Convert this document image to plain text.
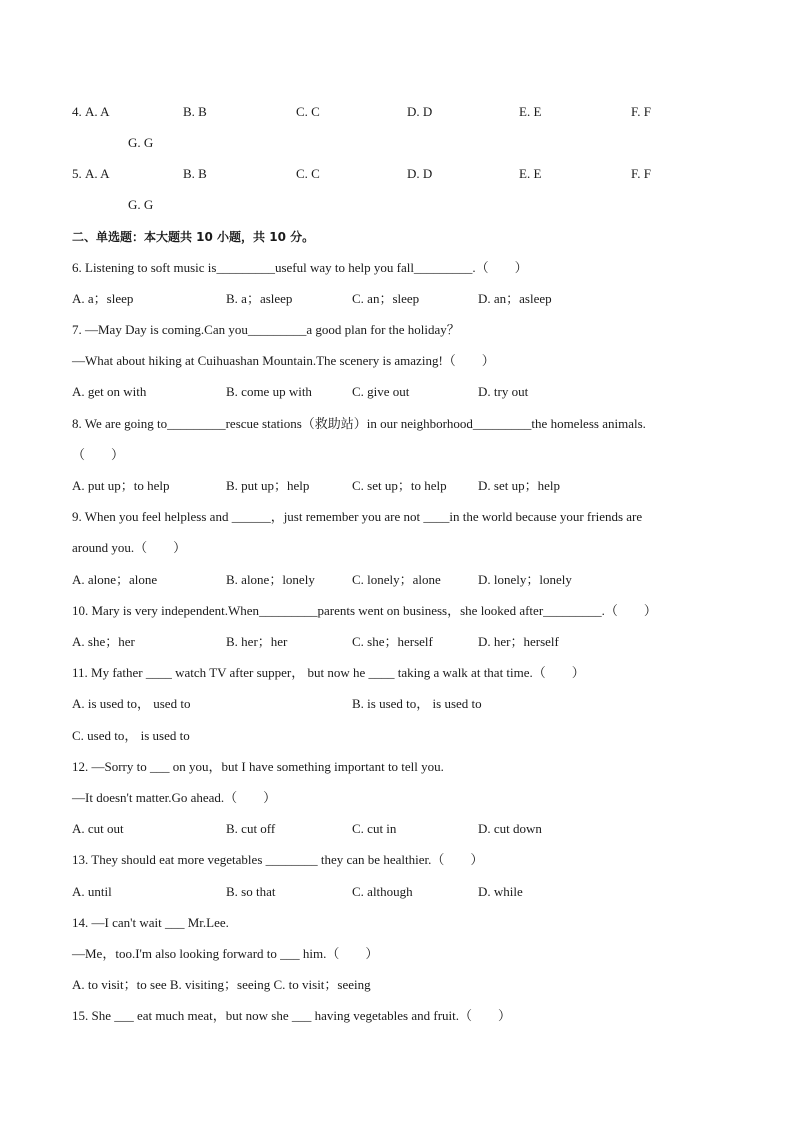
4. A. A	B. B	C. C	D. D	E. E	F. F
G. G
5. A. A	B. B	C. C	D. D	E. E	F. F
G. G
二、单选题：本大题共 10 小题，共 10 分。
6. Listening to soft music is_________useful way to help you fall_________.（　　）
A. a；sleep	B. a；asleep	C. an；sleep	D. an；asleep
7. —May Day is coming.Can you_________a good plan for the holiday？
—What about hiking at Cuihuashan Mountain.The scenery is amazing!（　　）
A. get on with	B. come up with	C. give out	D. try out
8. We are going to_________rescue stations（救助站）in our neighborhood_________the homeless animals.
（　　）
A. put up；to help	B. put up；help	C. set up；to help D. set up；help
9. When you feel helpless and ______，just remember you are not ____in the world because your friends are
around you.（　　）
A. alone；alone	B. alone；lonely	C. lonely；alone	D. lonely；lonely
10. Mary is very independent.When_________parents went on business，she looked after_________.（　　）
A. she；her	B. her；her	C. she；herself	D. her；herself
11. My father ____ watch TV after supper， but now he ____ taking a walk at that time.（　　）
A. is used to， used to	B. is used to， is used to
C. used to， is used to
12. —Sorry to ___ on you，but I have something important to tell you.
—It doesn't matter.Go ahead.（　　）
A. cut out	B. cut off	C. cut in	D. cut down
13. They should eat more vegetables ________ they can be healthier.（　　）
A. until	B. so that	C. although	D. while
14. —I can't wait ___ Mr.Lee.
—Me，too.I'm also looking forward to ___ him.（　　）
A. to visit；to see B. visiting；seeing C. to visit；seeing
15. She ___ eat much meat，but now she ___ having vegetables and fruit.（　　）
